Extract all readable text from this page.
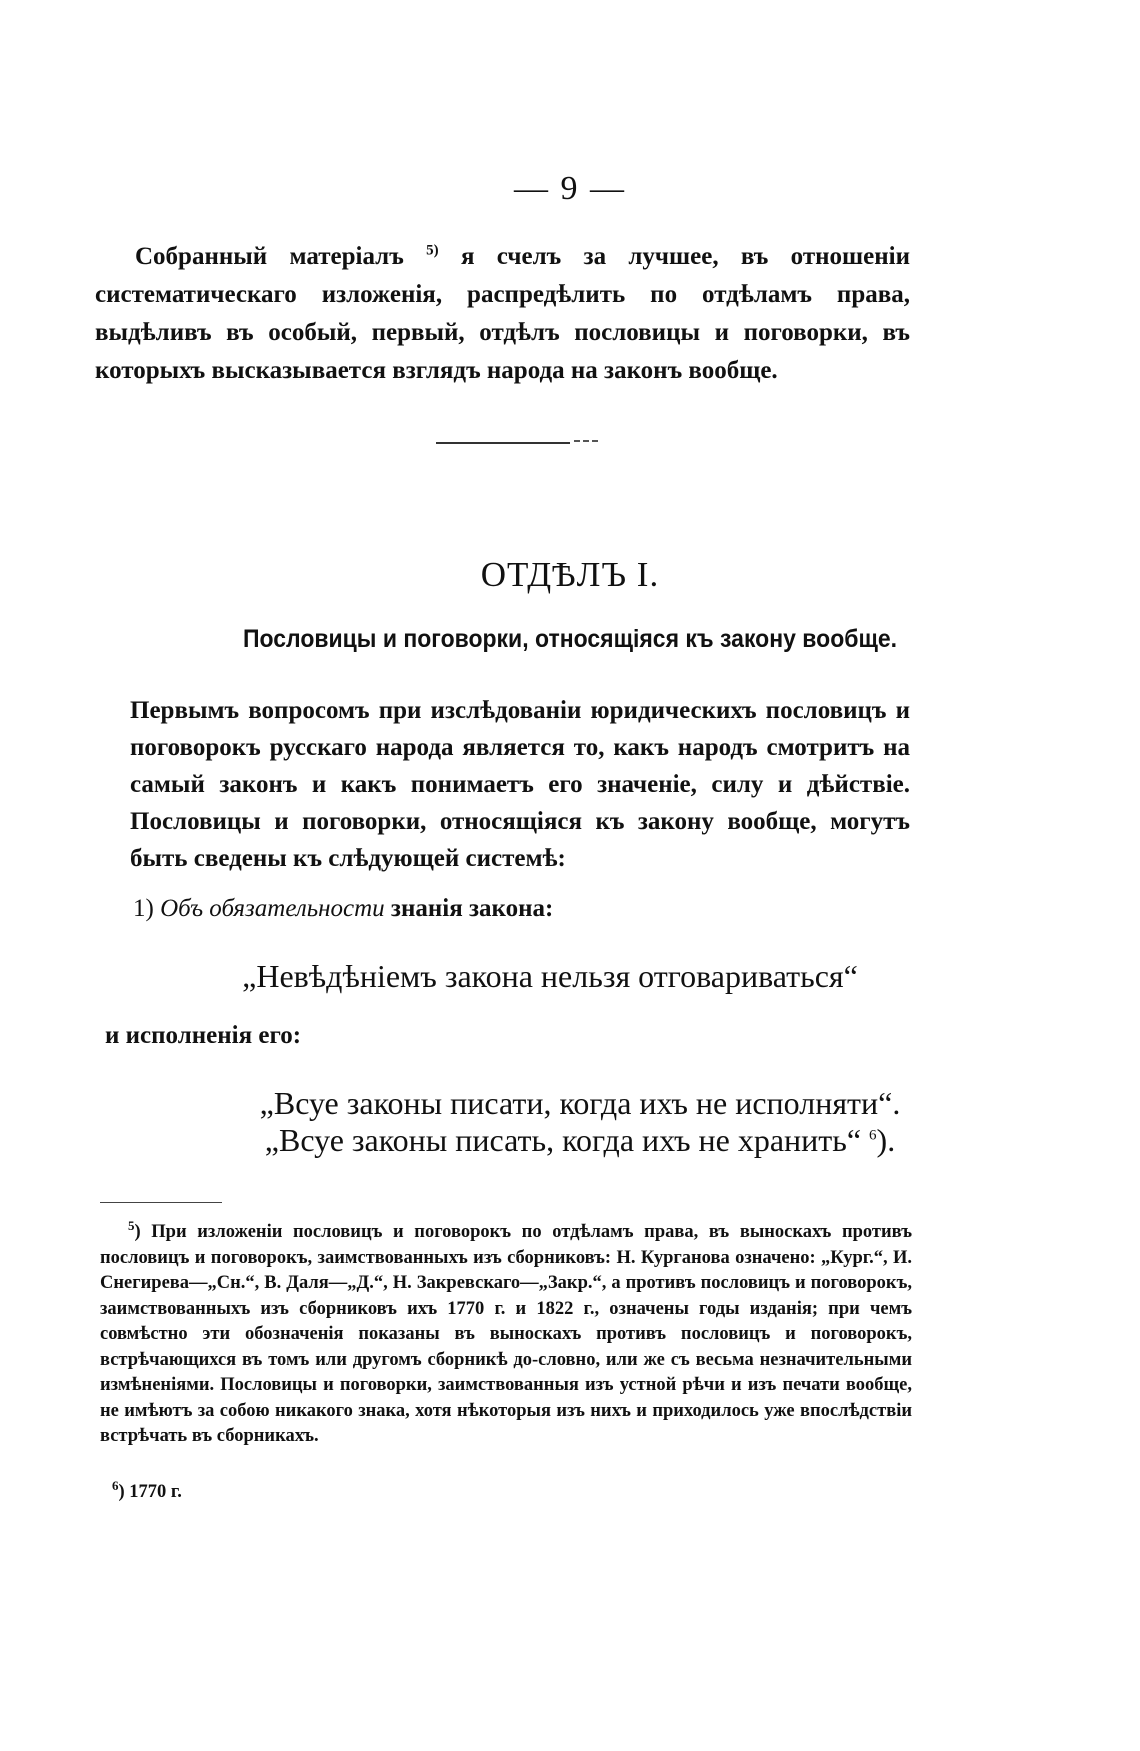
— 9 —
Собранный матеріалъ $^{5)}$ я счелъ за лучшее, въ отношеніи систематическаго изложенія, распредѣлить по отдѣламъ права, выдѣливъ въ особый, первый, отдѣлъ пословицы и поговорки, въ которыхъ высказывается взглядъ народа на законъ вообще.
ОТДѢЛЪ I.
Пословицы и поговорки, относящіяся къ закону вообще.
Первымъ вопросомъ при изслѣдованіи юридическихъ пословицъ и поговорокъ русскаго народа является то, какъ народъ смотритъ на самый законъ и какъ понимаетъ его значеніе, силу и дѣйствіе. Пословицы и поговорки, относящіяся къ закону вообще, могутъ быть сведены къ слѣдующей системѣ:
1) Объ обязательности знанія закона:
„Невѣдѣніемъ закона нельзя отговариваться“
и исполненія его:
„Всуе законы писати, когда ихъ не исполняти“.
„Всуе законы писать, когда ихъ не хранить“ $^6$).
$^5$) При изложеніи пословицъ и поговорокъ по отдѣламъ права, въ выноскахъ противъ пословицъ и поговорокъ, заимствованныхъ изъ сборниковъ: Н. Курганова означено: „Кург.“, И. Снегирева—„Сн.“, В. Даля—„Д.“, Н. Закревскаго—„Закр.“, а противъ пословицъ и поговорокъ, заимствованныхъ изъ сборниковъ ихъ 1770 г. и 1822 г., означены годы изданія; при чемъ совмѣстно эти обозначенія показаны въ выноскахъ противъ пословицъ и поговорокъ, встрѣчающихся въ томъ или другомъ сборникѣ до-словно, или же съ весьма незначительными измѣненіями. Пословицы и поговорки, заимствованныя изъ устной рѣчи и изъ печати вообще, не имѣютъ за собою никакого знака, хотя нѣкоторыя изъ нихъ и приходилось уже впослѣдствіи встрѣчать въ сборникахъ.
$^6$) 1770 г.
